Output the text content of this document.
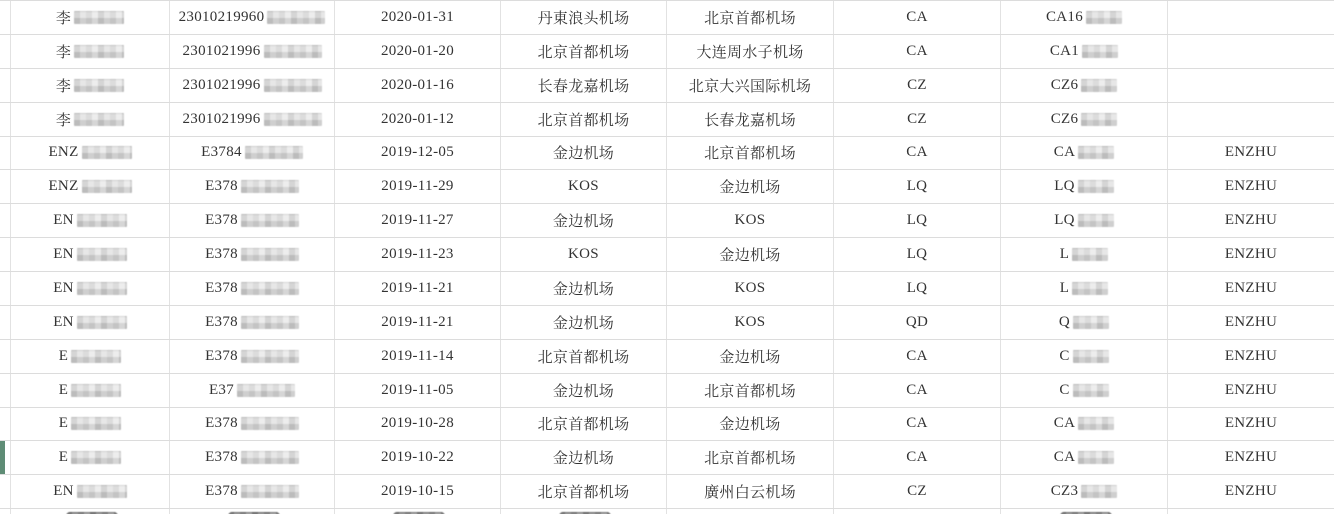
李	23010219960	2020-01-31	丹東浪头机场	北京首都机场	CA	CA16
李	2301021996	2020-01-20	北京首都机场	大连周水子机场	CA	CA1
李	2301021996	2020-01-16	长春龙嘉机场	北京大兴国际机场	CZ	CZ6
李	2301021996	2020-01-12	北京首都机场	长春龙嘉机场	CZ	CZ6
ENZ	E3784	2019-12-05	金边机场	北京首都机场	CA	CA	ENZHU
ENZ	E378	2019-11-29	KOS	金边机场	LQ	LQ	ENZHU
EN	E378	2019-11-27	金边机场	KOS	LQ	LQ	ENZHU
EN	E378	2019-11-23	KOS	金边机场	LQ	L	ENZHU
EN	E378	2019-11-21	金边机场	KOS	LQ	L	ENZHU
EN	E378	2019-11-21	金边机场	KOS	QD	Q	ENZHU
E	E378	2019-11-14	北京首都机场	金边机场	CA	C	ENZHU
E	E37	2019-11-05	金边机场	北京首都机场	CA	C	ENZHU
E	E378	2019-10-28	北京首都机场	金边机场	CA	CA	ENZHU
E	E378	2019-10-22	金边机场	北京首都机场	CA	CA	ENZHU
EN	E378	2019-10-15	北京首都机场	廣州白云机场	CZ	CZ3	ENZHU
